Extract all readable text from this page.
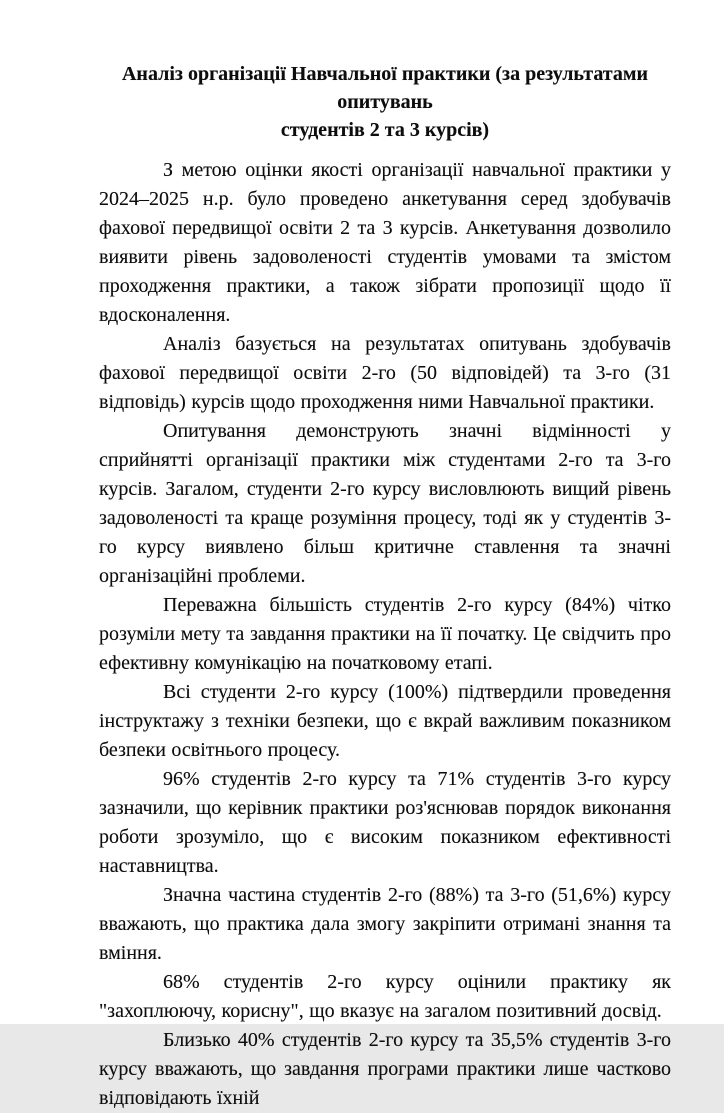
Аналіз організації Навчальної практики (за результатами опитувань
студентів 2 та 3 курсів)

З метою оцінки якості організації навчальної практики у 2024–2025 н.р. було проведено анкетування серед здобувачів фахової передвищої освіти 2 та 3 курсів. Анкетування дозволило виявити рівень задоволеності студентів умовами та змістом проходження практики, а також зібрати пропозиції щодо її вдосконалення.

Аналіз базується на результатах опитувань здобувачів фахової передвищої освіти 2-го (50 відповідей) та 3-го (31 відповідь) курсів щодо проходження ними Навчальної практики.

Опитування демонструють значні відмінності у сприйнятті організації практики між студентами 2-го та 3-го курсів. Загалом, студенти 2-го курсу висловлюють вищий рівень задоволеності та краще розуміння процесу, тоді як у студентів 3-го курсу виявлено більш критичне ставлення та значні організаційні проблеми.

Переважна більшість студентів 2-го курсу (84%) чітко розуміли мету та завдання практики на її початку. Це свідчить про ефективну комунікацію на початковому етапі.

Всі студенти 2-го курсу (100%) підтвердили проведення інструктажу з техніки безпеки, що є вкрай важливим показником безпеки освітнього процесу.

96% студентів 2-го курсу та 71% студентів 3-го курсу зазначили, що керівник практики роз'яснював порядок виконання роботи зрозуміло, що є високим показником ефективності наставництва.

Значна частина студентів 2-го (88%) та 3-го (51,6%) курсу вважають, що практика дала змогу закріпити отримані знання та вміння.

68% студентів 2-го курсу оцінили практику як "захоплюючу, корисну", що вказує на загалом позитивний досвід.

Близько 40% студентів 2-го курсу та 35,5% студентів 3-го курсу вважають, що завдання програми практики лише частково відповідають їхній
